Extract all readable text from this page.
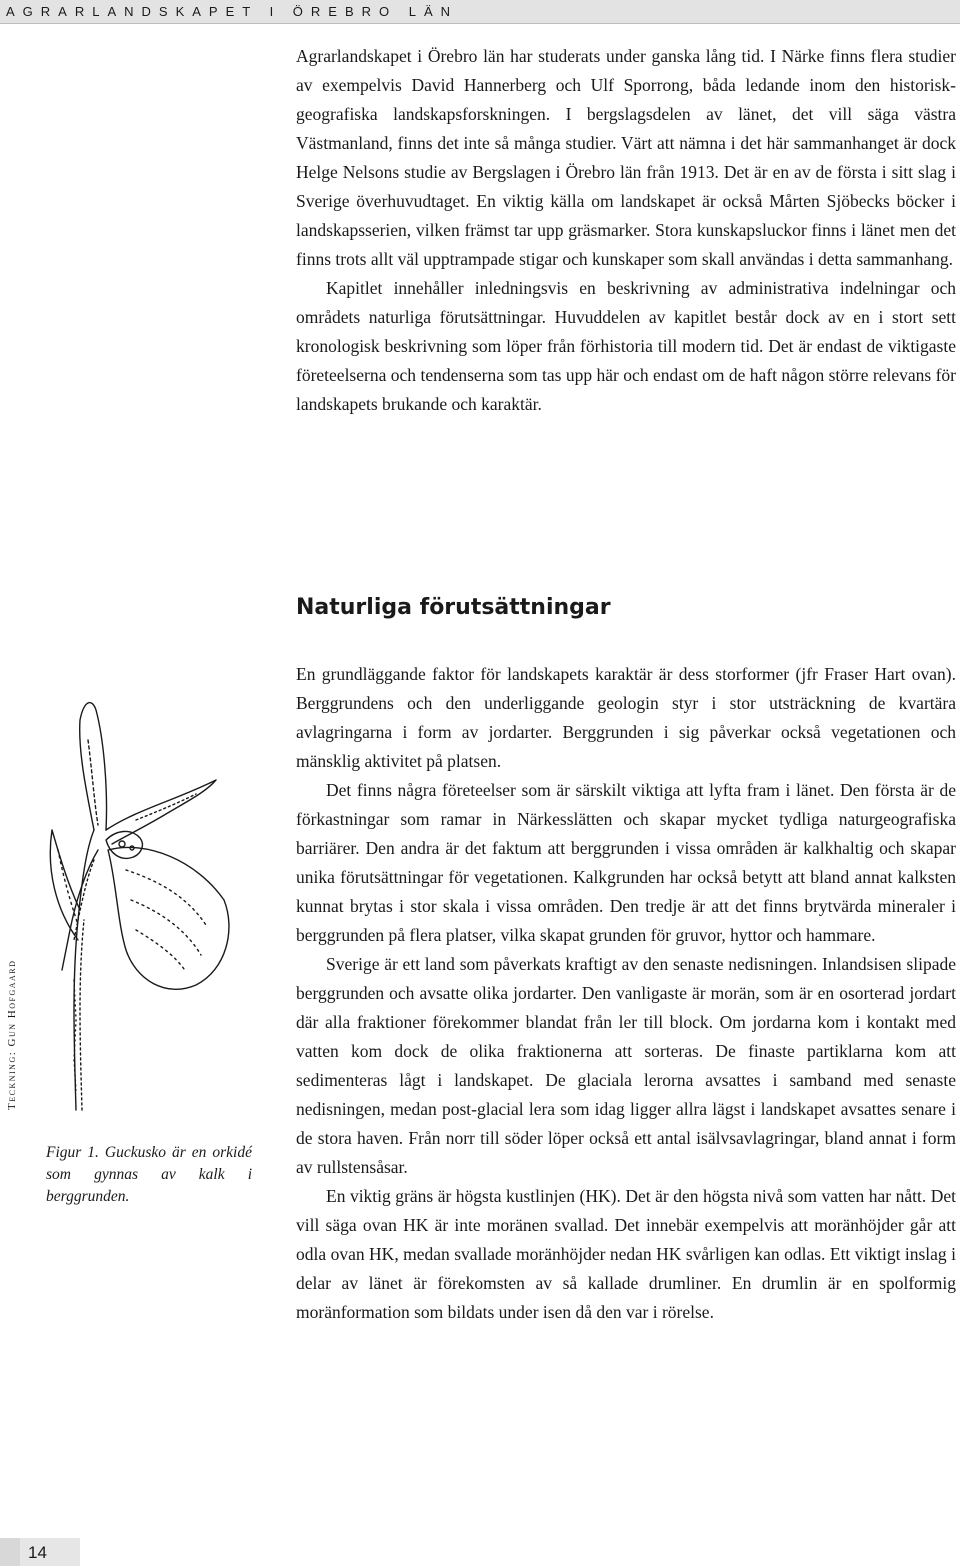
AGRARLANDSKAPET I ÖREBRO LÄN

Agrarlandskapet i Örebro län har studerats under ganska lång tid. I Närke finns flera studier av exempelvis David Hannerberg och Ulf Sporrong, båda ledande inom den historisk-geografiska landskapsforskningen. I bergslagsdelen av länet, det vill säga västra Västmanland, finns det inte så många studier. Värt att nämna i det här sammanhanget är dock Helge Nelsons studie av Bergslagen i Örebro län från 1913. Det är en av de första i sitt slag i Sverige överhuvudtaget. En viktig källa om landskapet är också Mårten Sjöbecks böcker i landskapsserien, vilken främst tar upp gräsmarker. Stora kunskapsluckor finns i länet men det finns trots allt väl upptrampade stigar och kunskaper som skall användas i detta sammanhang.

Kapitlet innehåller inledningsvis en beskrivning av administrativa indelningar och områdets naturliga förutsättningar. Huvuddelen av kapitlet består dock av en i stort sett kronologisk beskrivning som löper från förhistoria till modern tid. Det är endast de viktigaste företeelserna och tendenserna som tas upp här och endast om de haft någon större relevans för landskapets brukande och karaktär.

Naturliga förutsättningar

En grundläggande faktor för landskapets karaktär är dess storformer (jfr Fraser Hart ovan). Berggrundens och den underliggande geologin styr i stor utsträckning de kvartära avlagringarna i form av jordarter. Berggrunden i sig påverkar också vegetationen och mänsklig aktivitet på platsen.

Det finns några företeelser som är särskilt viktiga att lyfta fram i länet. Den första är de förkastningar som ramar in Närkesslätten och skapar mycket tydliga naturgeografiska barriärer. Den andra är det faktum att berggrunden i vissa områden är kalkhaltig och skapar unika förutsättningar för vegetationen. Kalkgrunden har också betytt att bland annat kalksten kunnat brytas i stor skala i vissa områden. Den tredje är att det finns brytvärda mineraler i berggrunden på flera platser, vilka skapat grunden för gruvor, hyttor och hammare.

Sverige är ett land som påverkats kraftigt av den senaste nedisningen. Inlandsisen slipade berggrunden och avsatte olika jordarter. Den vanligaste är morän, som är en osorterad jordart där alla fraktioner förekommer blandat från ler till block. Om jordarna kom i kontakt med vatten kom dock de olika fraktionerna att sorteras. De finaste partiklarna kom att sedimenteras lågt i landskapet. De glaciala lerorna avsattes i samband med senaste nedisningen, medan post-glacial lera som idag ligger allra lägst i landskapet avsattes senare i de stora haven. Från norr till söder löper också ett antal isälvsavlagringar, bland annat i form av rullstensåsar.

En viktig gräns är högsta kustlinjen (HK). Det är den högsta nivå som vatten har nått. Det vill säga ovan HK är inte moränen svallad. Det innebär exempelvis att moränhöjder går att odla ovan HK, medan svallade moränhöjder nedan HK svårligen kan odlas. Ett viktigt inslag i delar av länet är förekomsten av så kallade drumliner. En drumlin är en spolformig moränformation som bildats under isen då den var i rörelse.

Teckning: Gun Hofgaard
Figur 1. Guckusko är en orkidé som gynnas av kalk i berggrunden.
14
